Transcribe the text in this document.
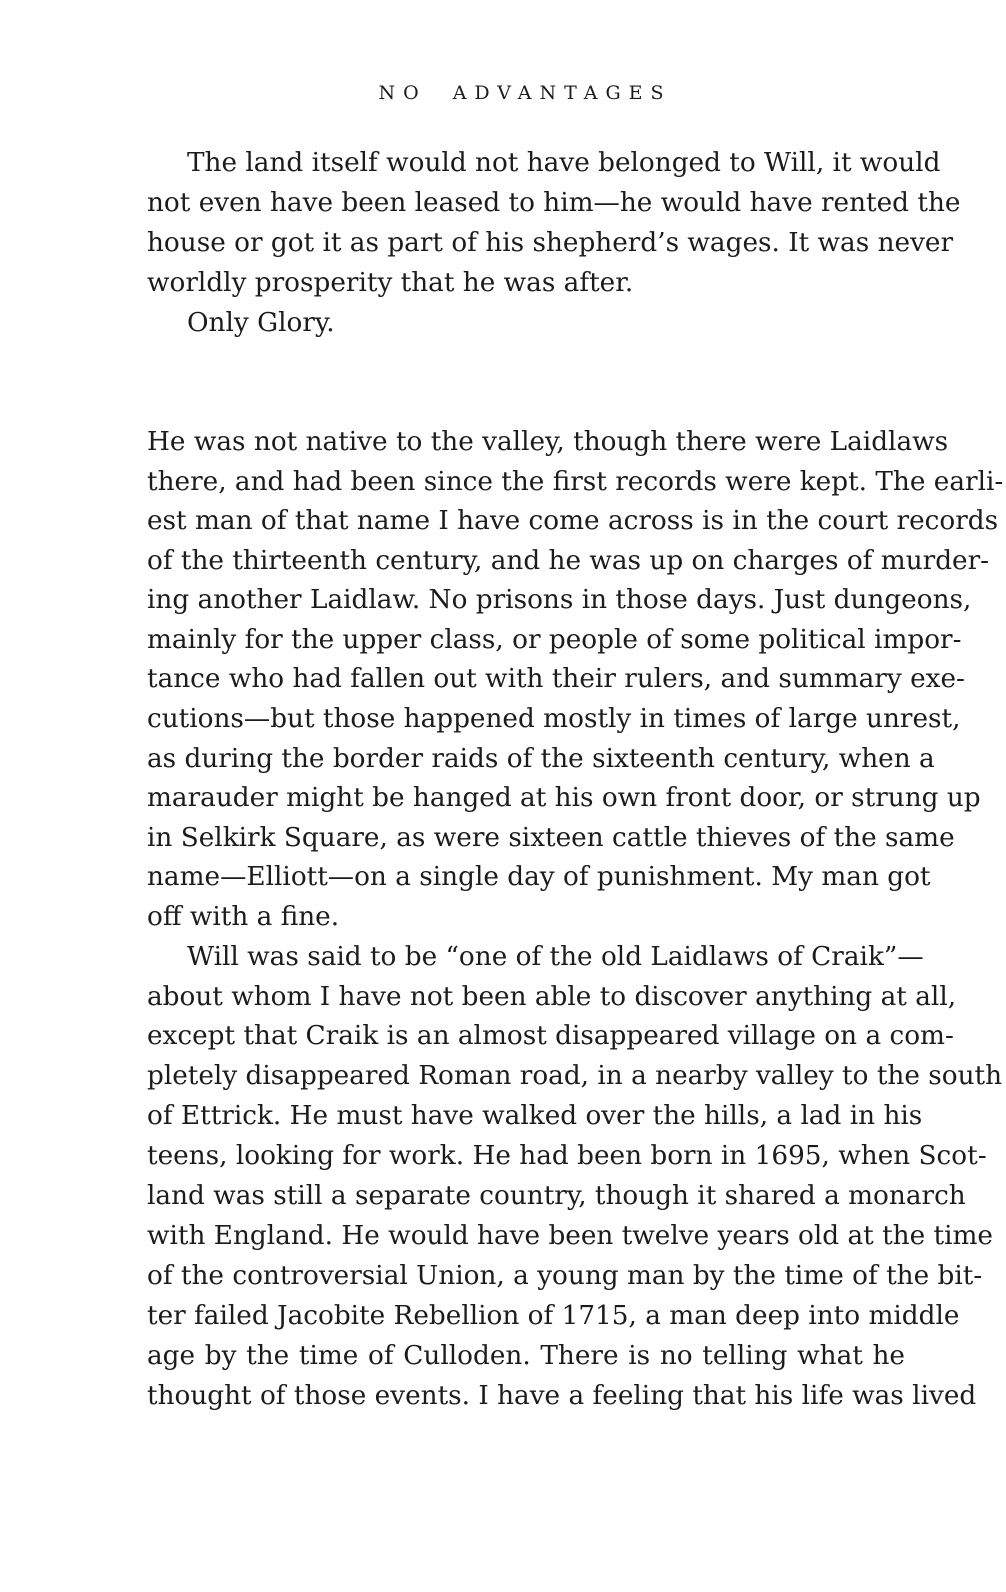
NO ADVANTAGES
The land itself would not have belonged to Will, it would
not even have been leased to him—he would have rented the
house or got it as part of his shepherd’s wages. It was never
worldly prosperity that he was after.
Only Glory.
He was not native to the valley, though there were Laidlaws
there, and had been since the first records were kept. The earli-
est man of that name I have come across is in the court records
of the thirteenth century, and he was up on charges of murder-
ing another Laidlaw. No prisons in those days. Just dungeons,
mainly for the upper class, or people of some political impor-
tance who had fallen out with their rulers, and summary exe-
cutions—but those happened mostly in times of large unrest,
as during the border raids of the sixteenth century, when a
marauder might be hanged at his own front door, or strung up
in Selkirk Square, as were sixteen cattle thieves of the same
name—Elliott—on a single day of punishment. My man got
off with a fine.
Will was said to be “one of the old Laidlaws of Craik”—
about whom I have not been able to discover anything at all,
except that Craik is an almost disappeared village on a com-
pletely disappeared Roman road, in a nearby valley to the south
of Ettrick. He must have walked over the hills, a lad in his
teens, looking for work. He had been born in 1695, when Scot-
land was still a separate country, though it shared a monarch
with England. He would have been twelve years old at the time
of the controversial Union, a young man by the time of the bit-
ter failed Jacobite Rebellion of 1715, a man deep into middle
age by the time of Culloden. There is no telling what he
thought of those events. I have a feeling that his life was lived
